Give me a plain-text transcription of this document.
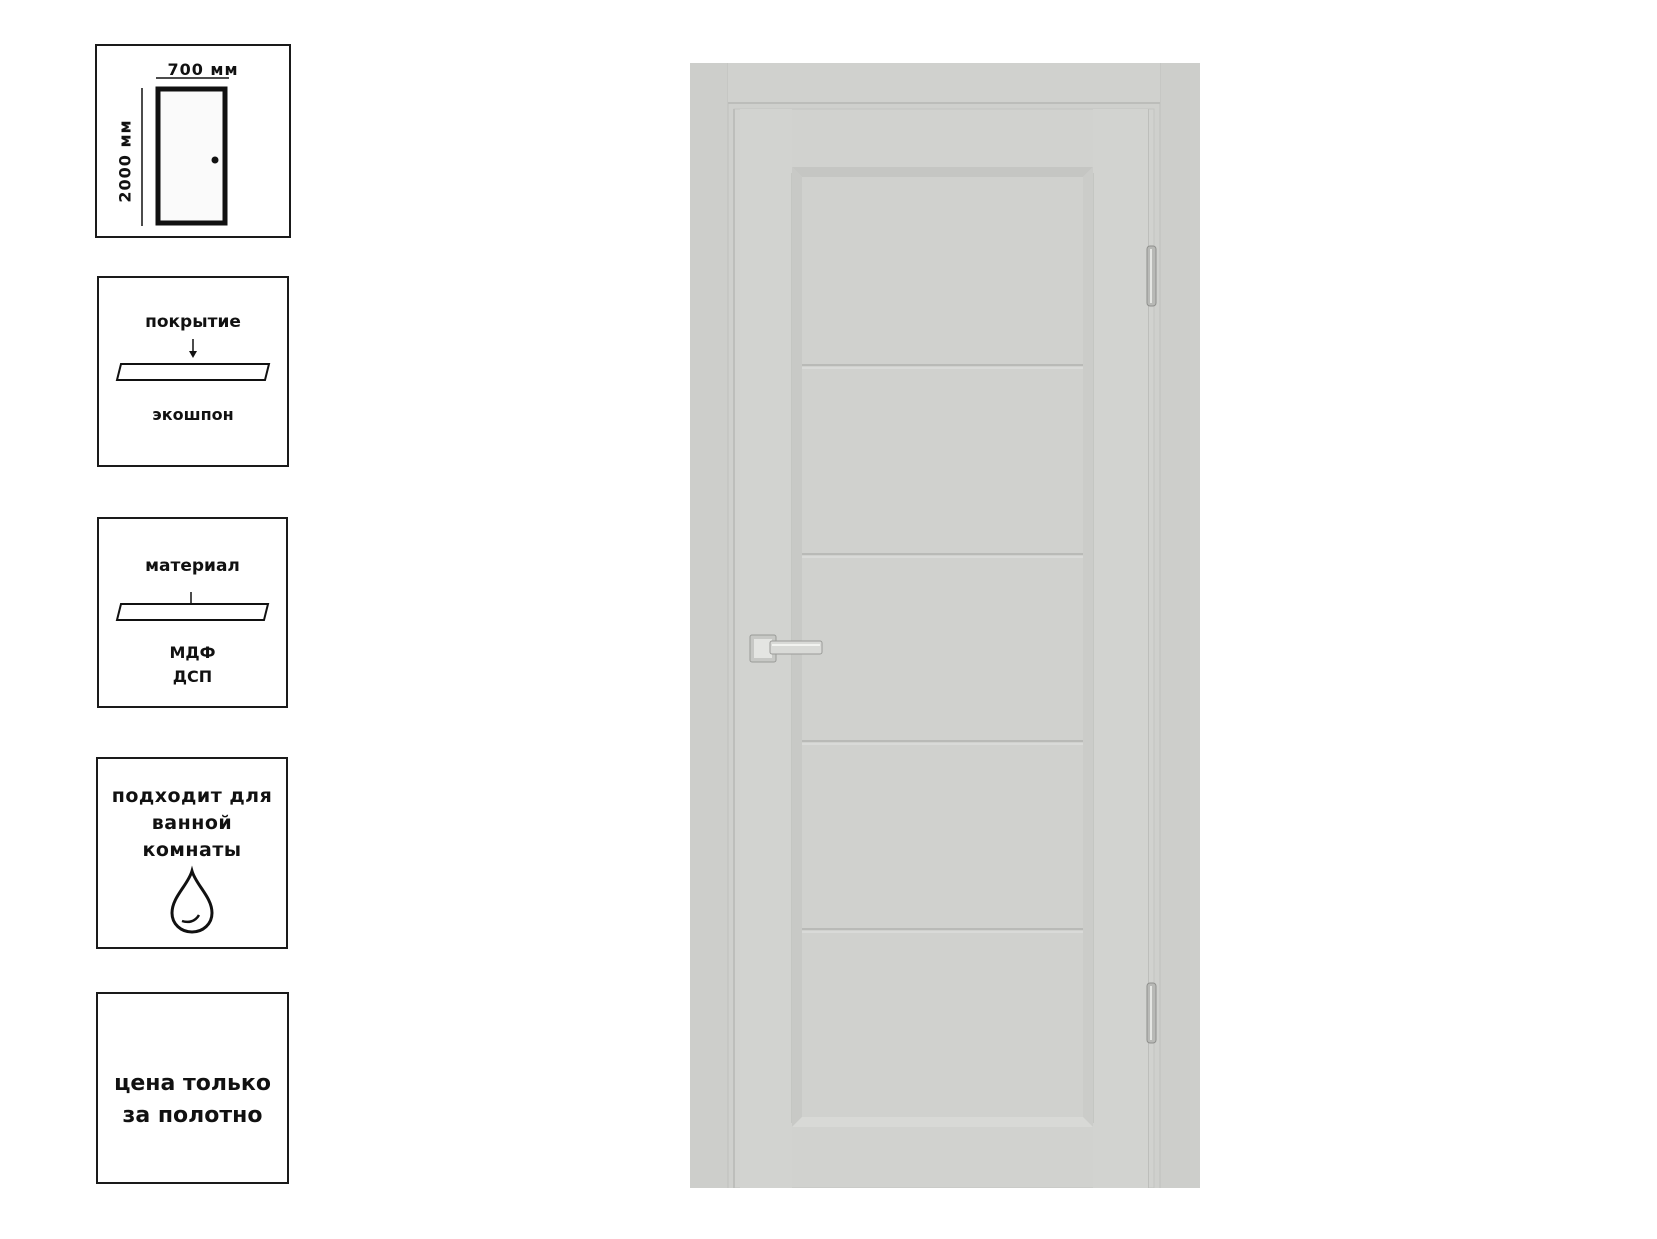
700 мм
2000 мм
покрытие
экошпон
материал
МДФ
ДСП
подходит для
ванной
комнаты
цена только
за полотно
